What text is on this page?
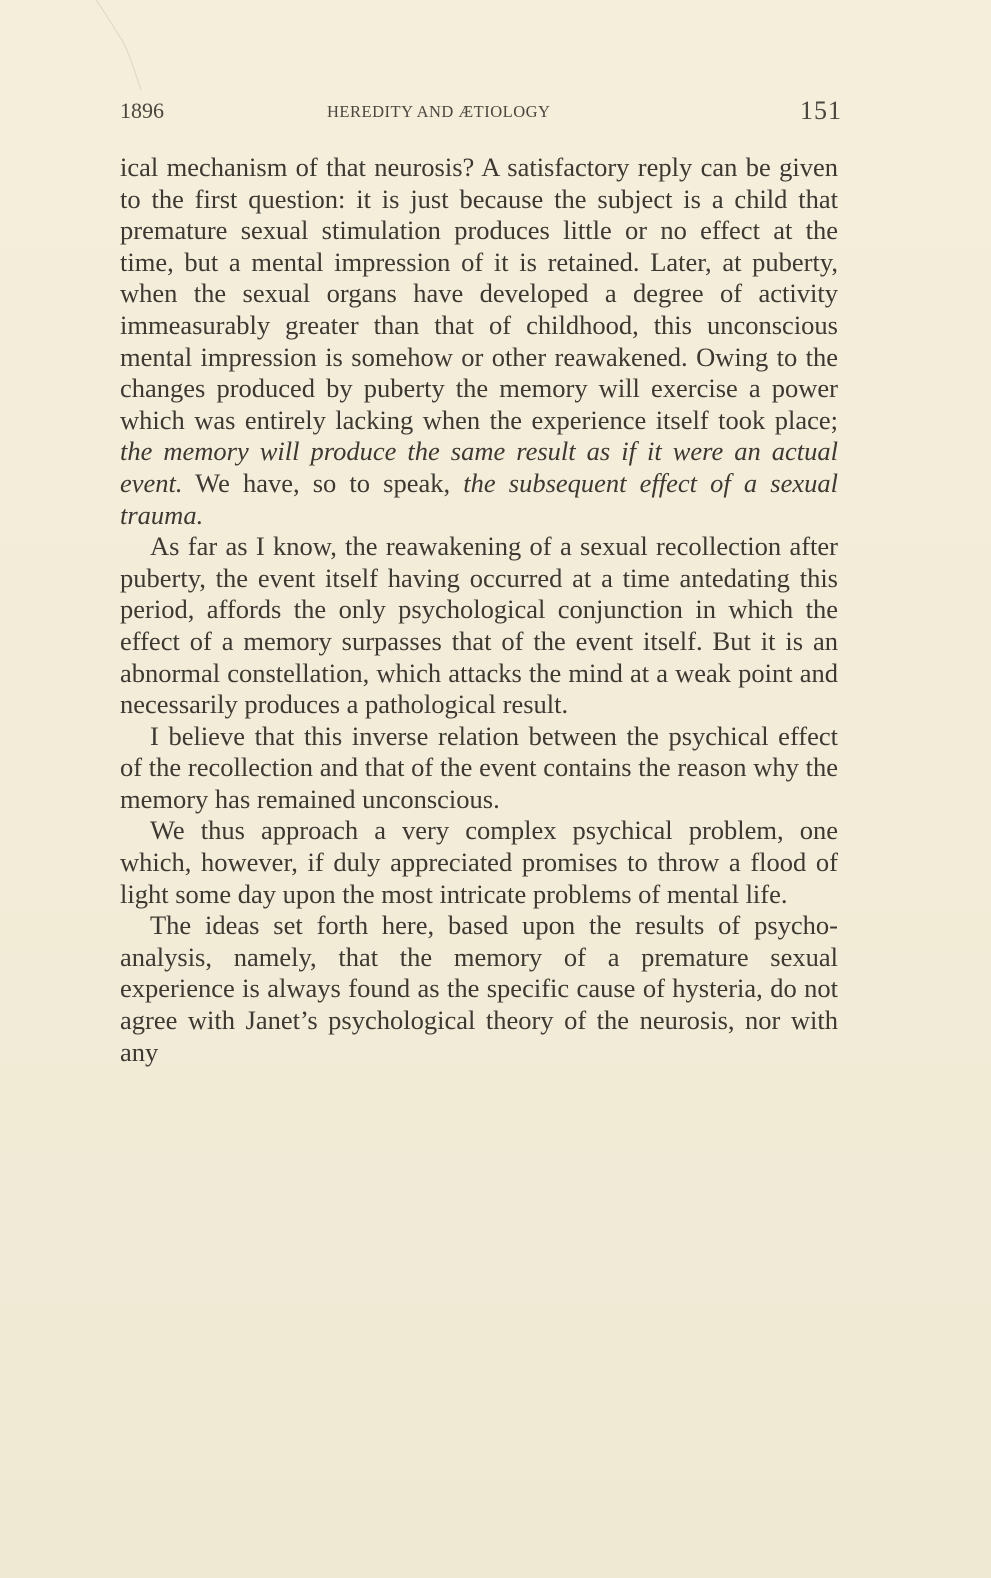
1896	HEREDITY AND ÆTIOLOGY	151

ical mechanism of that neurosis? A satisfactory reply can be given to the first question: it is just because the subject is a child that premature sexual stimulation produces little or no effect at the time, but a mental impression of it is retained. Later, at puberty, when the sexual organs have developed a degree of activity immeasurably greater than that of childhood, this unconscious mental impression is somehow or other reawakened. Owing to the changes produced by puberty the memory will exercise a power which was entirely lacking when the experience itself took place; the memory will produce the same result as if it were an actual event. We have, so to speak, the subsequent effect of a sexual trauma.

As far as I know, the reawakening of a sexual recollection after puberty, the event itself having occurred at a time antedating this period, affords the only psychological conjunction in which the effect of a memory surpasses that of the event itself. But it is an abnormal constellation, which attacks the mind at a weak point and necessarily produces a pathological result.

I believe that this inverse relation between the psychical effect of the recollection and that of the event contains the reason why the memory has remained unconscious.

We thus approach a very complex psychical problem, one which, however, if duly appreciated promises to throw a flood of light some day upon the most intricate problems of mental life.

The ideas set forth here, based upon the results of psycho-analysis, namely, that the memory of a premature sexual experience is always found as the specific cause of hysteria, do not agree with Janet’s psychological theory of the neurosis, nor with any
